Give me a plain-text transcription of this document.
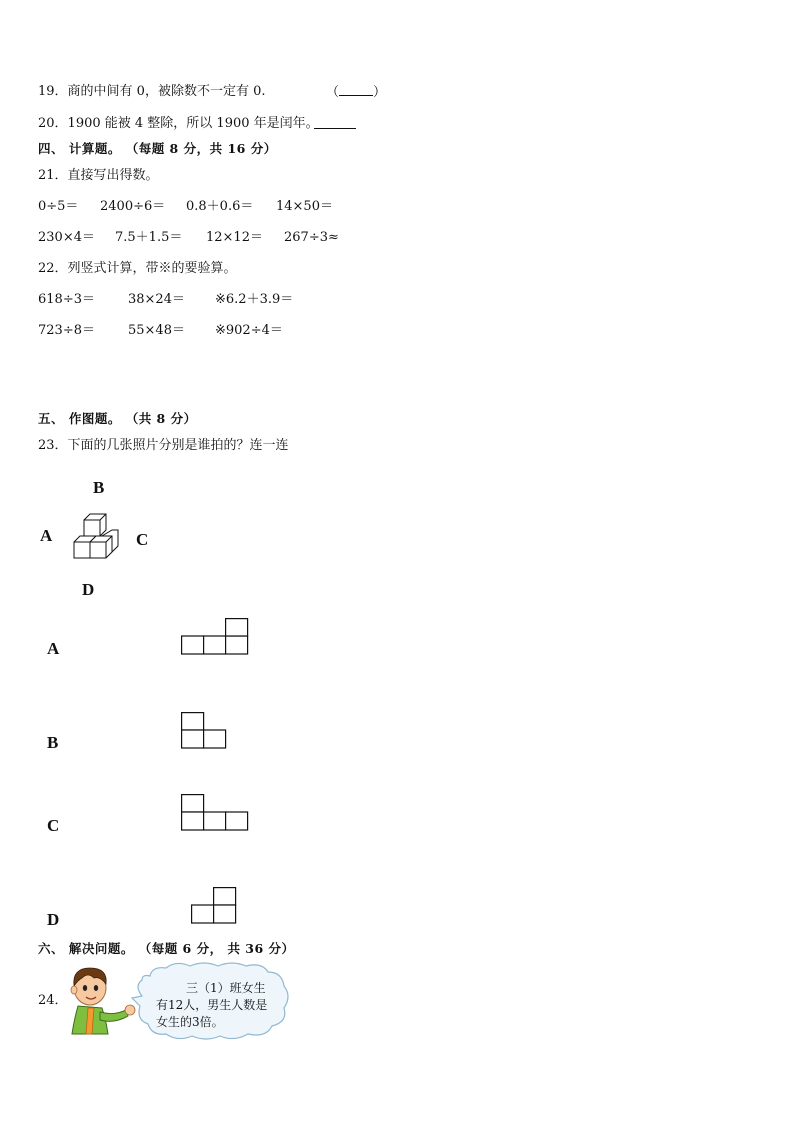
19．商的中间有 0，被除数不一定有 0.	（	）
20．1900 能被 4 整除，所以 1900 年是闰年。
四、 计算题。 （每题 8 分，共 16 分）
21．直接写出得数。
0÷5＝ 2400÷6＝ 0.8＋0.6＝ 14×50＝
230×4＝ 7.5＋1.5＝ 12×12＝ 267÷3≈
22．列竖式计算，带※的要验算。
618÷3＝	38×24＝ ※6.2＋3.9＝
723÷8＝	55×48＝ ※902÷4＝
五、 作图题。 （共 8 分）
23．下面的几张照片分别是谁拍的？连一连
B
A	C
D
A
B
C
D
六、 解决问题。 （每题 6 分， 共 36 分）
24．
三（1）班女生
有12人，男生人数是
女生的3倍。
